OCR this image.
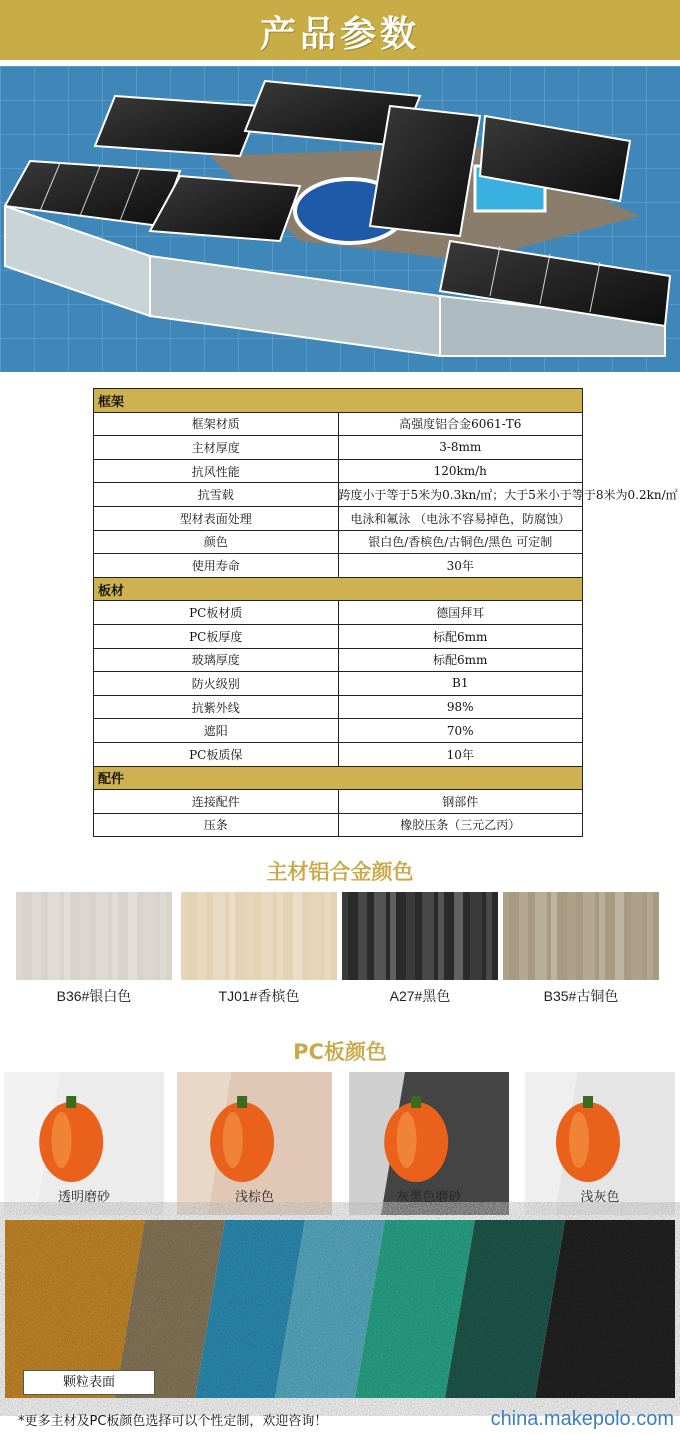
产品参数
框架	
框架材质	高强度铝合金6061-T6
主材厚度	3-8mm
抗风性能	120km/h
抗雪载	跨度小于等于5米为0.3kn/㎡；大于5米小于等于8米为0.2kn/㎡
型材表面处理	电泳和氟泳 （电泳不容易掉色，防腐蚀）
颜色	银白色/香槟色/古铜色/黑色 可定制
使用寿命	30年
板材	
PC板材质	德国拜耳
PC板厚度	标配6mm
玻璃厚度	标配6mm
防火级别	B1
抗紫外线	98%
遮阳	70%
PC板质保	10年
配件	
连接配件	钢部件
压条	橡胶压条（三元乙丙）
主材铝合金颜色
B36#银白色	TJ01#香槟色	A27#黑色	B35#古铜色
PC板颜色
透明磨砂	浅棕色	灰黑色磨砂	浅灰色
颗粒表面
*更多主材及PC板颜色选择可以个性定制，欢迎咨询！	china.makepolo.com
